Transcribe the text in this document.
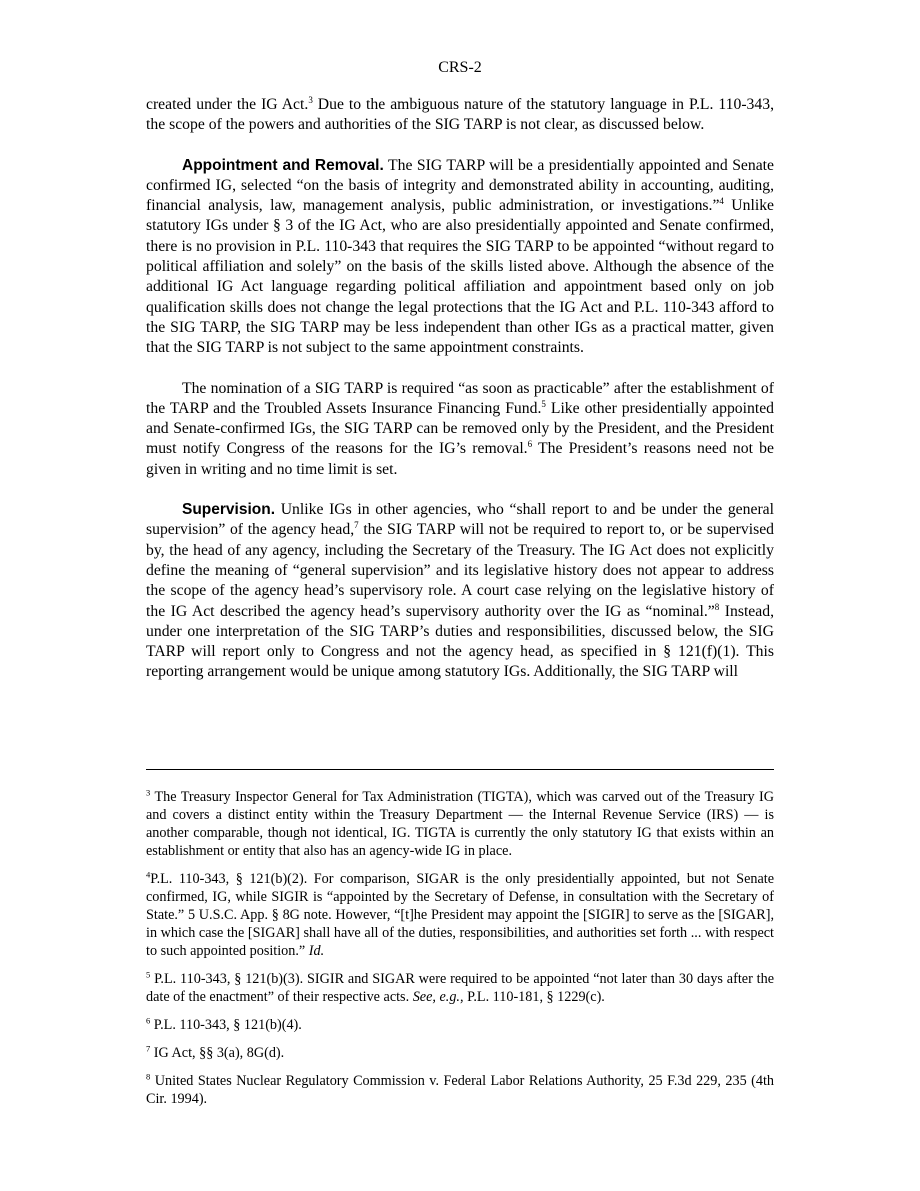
CRS-2

created under the IG Act.$^3$ Due to the ambiguous nature of the statutory language in P.L. 110-343, the scope of the powers and authorities of the SIG TARP is not clear, as discussed below.

Appointment and Removal. The SIG TARP will be a presidentially appointed and Senate confirmed IG, selected “on the basis of integrity and demonstrated ability in accounting, auditing, financial analysis, law, management analysis, public administration, or investigations.”$^4$ Unlike statutory IGs under § 3 of the IG Act, who are also presidentially appointed and Senate confirmed, there is no provision in P.L. 110-343 that requires the SIG TARP to be appointed “without regard to political affiliation and solely” on the basis of the skills listed above. Although the absence of the additional IG Act language regarding political affiliation and appointment based only on job qualification skills does not change the legal protections that the IG Act and P.L. 110-343 afford to the SIG TARP, the SIG TARP may be less independent than other IGs as a practical matter, given that the SIG TARP is not subject to the same appointment constraints.

The nomination of a SIG TARP is required “as soon as practicable” after the establishment of the TARP and the Troubled Assets Insurance Financing Fund.$^5$ Like other presidentially appointed and Senate-confirmed IGs, the SIG TARP can be removed only by the President, and the President must notify Congress of the reasons for the IG’s removal.$^6$ The President’s reasons need not be given in writing and no time limit is set.

Supervision. Unlike IGs in other agencies, who “shall report to and be under the general supervision” of the agency head,$^7$ the SIG TARP will not be required to report to, or be supervised by, the head of any agency, including the Secretary of the Treasury. The IG Act does not explicitly define the meaning of “general supervision” and its legislative history does not appear to address the scope of the agency head’s supervisory role. A court case relying on the legislative history of the IG Act described the agency head’s supervisory authority over the IG as “nominal.”$^8$ Instead, under one interpretation of the SIG TARP’s duties and responsibilities, discussed below, the SIG TARP will report only to Congress and not the agency head, as specified in § 121(f)(1). This reporting arrangement would be unique among statutory IGs. Additionally, the SIG TARP will

$^3$ The Treasury Inspector General for Tax Administration (TIGTA), which was carved out of the Treasury IG and covers a distinct entity within the Treasury Department — the Internal Revenue Service (IRS) — is another comparable, though not identical, IG. TIGTA is currently the only statutory IG that exists within an establishment or entity that also has an agency-wide IG in place.

$^4$P.L. 110-343, § 121(b)(2). For comparison, SIGAR is the only presidentially appointed, but not Senate confirmed, IG, while SIGIR is “appointed by the Secretary of Defense, in consultation with the Secretary of State.” 5 U.S.C. App. § 8G note. However, “[t]he President may appoint the [SIGIR] to serve as the [SIGAR], in which case the [SIGAR] shall have all of the duties, responsibilities, and authorities set forth ... with respect to such appointed position.” Id.

$^5$ P.L. 110-343, § 121(b)(3). SIGIR and SIGAR were required to be appointed “not later than 30 days after the date of the enactment” of their respective acts. See, e.g., P.L. 110-181, § 1229(c).

$^6$ P.L. 110-343, § 121(b)(4).

$^7$ IG Act, §§ 3(a), 8G(d).

$^8$ United States Nuclear Regulatory Commission v. Federal Labor Relations Authority, 25 F.3d 229, 235 (4th Cir. 1994).
